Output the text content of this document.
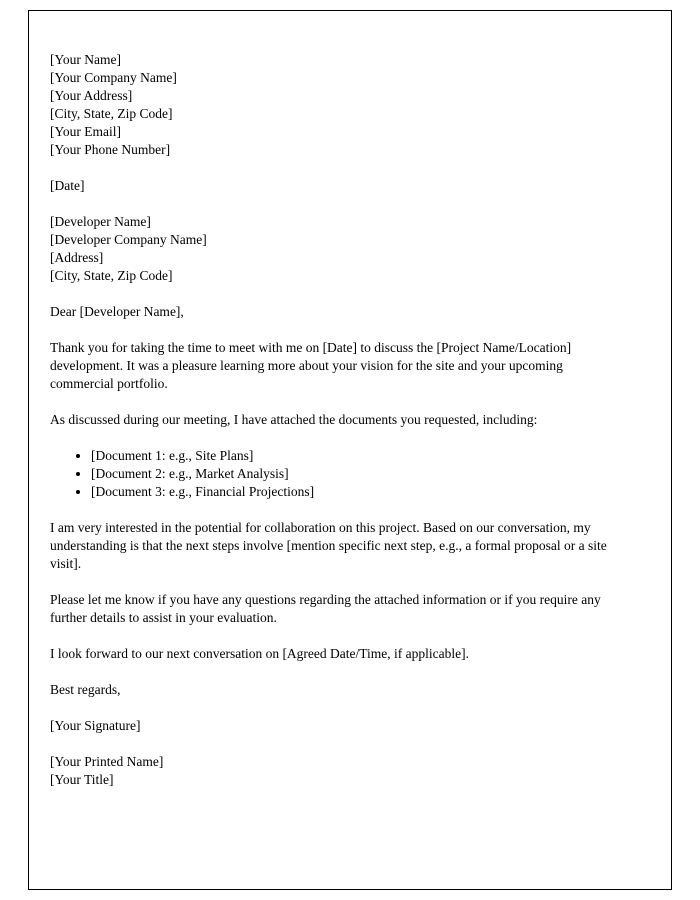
[Your Name]
[Your Company Name]
[Your Address]
[City, State, Zip Code]
[Your Email]
[Your Phone Number]
[Date]
[Developer Name]
[Developer Company Name]
[Address]
[City, State, Zip Code]

Dear [Developer Name],

Thank you for taking the time to meet with me on [Date] to discuss the [Project Name/Location] development. It was a pleasure learning more about your vision for the site and your upcoming commercial portfolio.

As discussed during our meeting, I have attached the documents you requested, including:

• [Document 1: e.g., Site Plans]
• [Document 2: e.g., Market Analysis]
• [Document 3: e.g., Financial Projections]

I am very interested in the potential for collaboration on this project. Based on our conversation, my understanding is that the next steps involve [mention specific next step, e.g., a formal proposal or a site visit].

Please let me know if you have any questions regarding the attached information or if you require any further details to assist in your evaluation.

I look forward to our next conversation on [Agreed Date/Time, if applicable].

Best regards,

[Your Signature]

[Your Printed Name]
[Your Title]
